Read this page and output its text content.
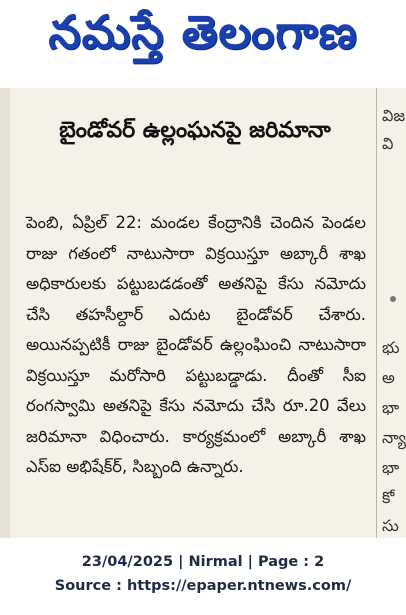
నమస్తే తెలంగాణ
బైండోవర్ ఉల్లంఘనపై జరిమానా
పెంబి, ఏప్రిల్ 22: మండల కేంద్రానికి చెందిన పెండల రాజు గతంలో నాటుసారా విక్రయిస్తూ అబ్కారీ శాఖ అధికారులకు పట్టుబడడంతో అతనిపై కేసు నమోదు చేసి తహసీల్దార్ ఎదుట బైండోవర్ చేశారు. అయినప్పటికీ రాజు బైండోవర్ ఉల్లంఘించి నాటుసారా విక్రయిస్తూ మరోసారి పట్టుబడ్డాడు. దీంతో సీఐ రంగస్వామి అతనిపై కేసు నమోదు చేసి రూ.20 వేలు జరిమానా విధించారు. కార్యక్రమంలో అబ్కారీ శాఖ ఎస్ఐ అభిషేక్‌ర్, సిబ్బంది ఉన్నారు.
విజ
వి
భు
అ
భా
న్యా
భా
కో
సు
23/04/2025 | Nirmal | Page : 2
Source : https://epaper.ntnews.com/
